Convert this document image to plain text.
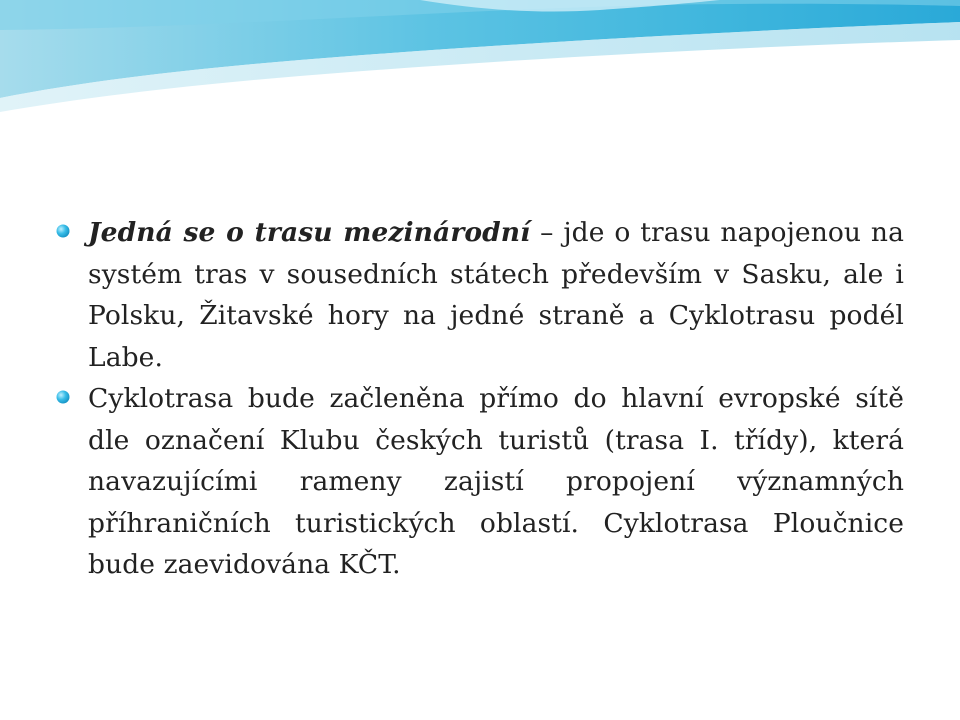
Jedná se o trasu mezinárodní – jde o trasu napojenou na systém tras v sousedních státech především v Sasku, ale i Polsku, Žitavské hory na jedné straně a Cyklotrasu podél Labe.

Cyklotrasa bude začleněna přímo do hlavní evropské sítě dle označení Klubu českých turistů (trasa I. třídy), která navazujícími rameny zajistí propojení významných příhraničních turistických oblastí. Cyklotrasa Ploučnice bude zaevidována KČT.
